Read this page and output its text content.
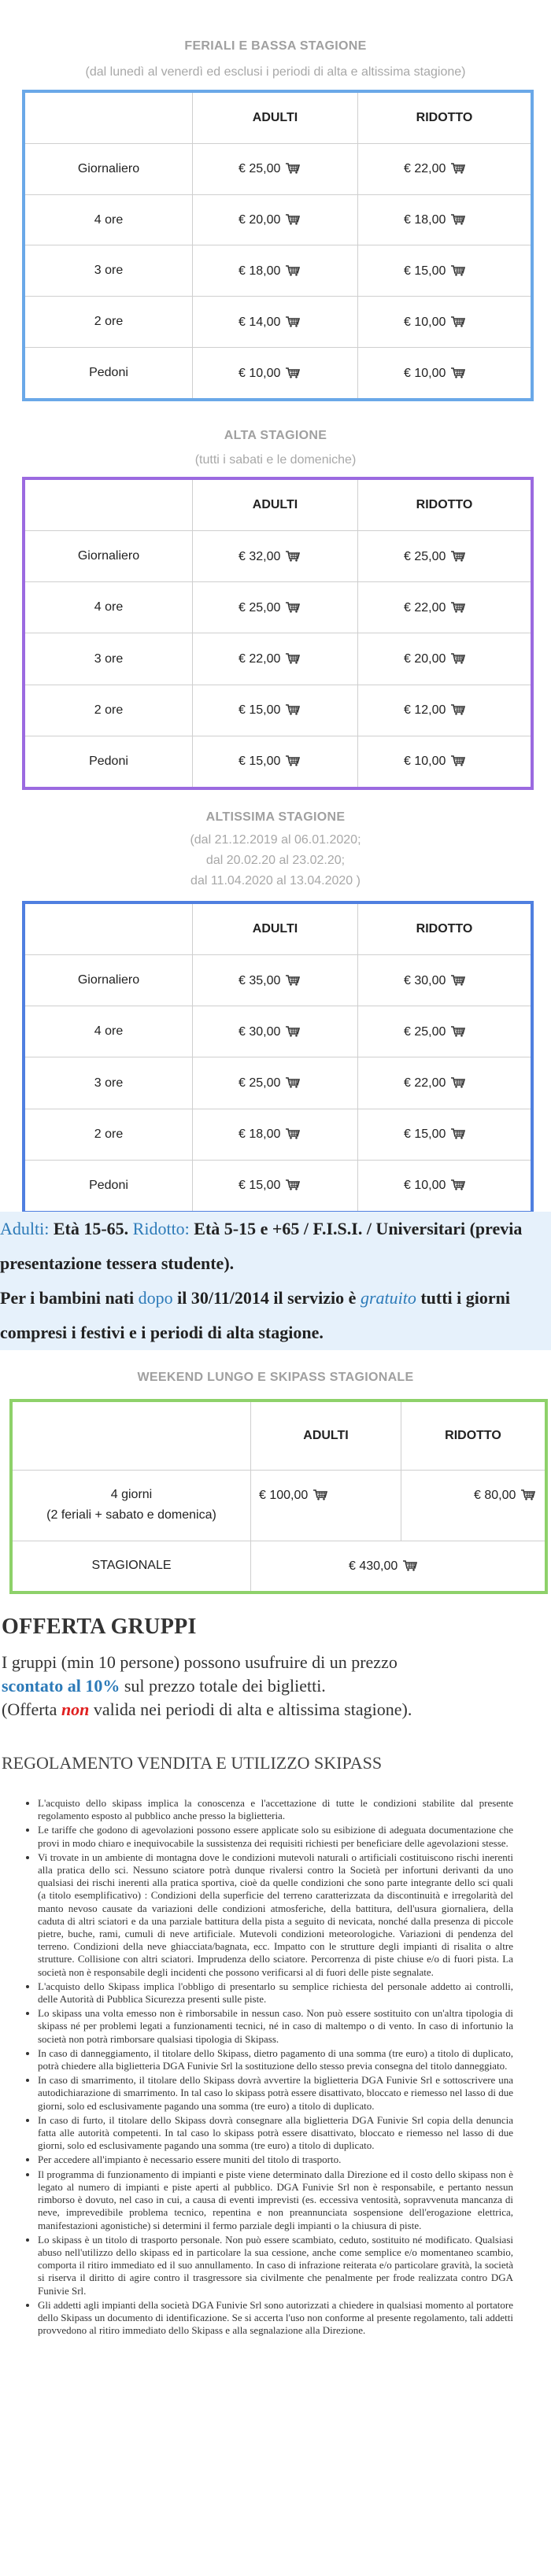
FERIALI E BASSA STAGIONE
(dal lunedì al venerdì ed esclusi i periodi di alta e altissima stagione)
	ADULTI	RIDOTTO
Giornaliero	€ 25,00	€ 22,00
4 ore	€ 20,00	€ 18,00
3 ore	€ 18,00	€ 15,00
2 ore	€ 14,00	€ 10,00
Pedoni	€ 10,00	€ 10,00
ALTA STAGIONE
(tutti i sabati e le domeniche)
	ADULTI	RIDOTTO
Giornaliero	€ 32,00	€ 25,00
4 ore	€ 25,00	€ 22,00
3 ore	€ 22,00	€ 20,00
2 ore	€ 15,00	€ 12,00
Pedoni	€ 15,00	€ 10,00
ALTISSIMA STAGIONE
(dal 21.12.2019 al 06.01.2020;
dal 20.02.20 al 23.02.20;
dal 11.04.2020 al 13.04.2020 )
	ADULTI	RIDOTTO
Giornaliero	€ 35,00	€ 30,00
4 ore	€ 30,00	€ 25,00
3 ore	€ 25,00	€ 22,00
2 ore	€ 18,00	€ 15,00
Pedoni	€ 15,00	€ 10,00
Adulti: Età 15-65. Ridotto: Età 5-15 e +65 / F.I.S.I. / Universitari (previa presentazione tessera studente).
Per i bambini nati dopo il 30/11/2014 il servizio è gratuito tutti i giorni compresi i festivi e i periodi di alta stagione.
WEEKEND LUNGO E SKIPASS STAGIONALE
	ADULTI	RIDOTTO
4 giorni
(2 feriali + sabato e domenica)	€ 100,00	€ 80,00
STAGIONALE	€ 430,00	
OFFERTA GRUPPI
I gruppi (min 10 persone) possono usufruire di un prezzo
scontato al 10% sul prezzo totale dei biglietti.
(Offerta non valida nei periodi di alta e altissima stagione).
REGOLAMENTO VENDITA E UTILIZZO SKIPASS
• L'acquisto dello skipass implica la conoscenza e l'accettazione di tutte le condizioni stabilite dal presente regolamento esposto al pubblico anche presso la biglietteria.
• Le tariffe che godono di agevolazioni possono essere applicate solo su esibizione di adeguata documentazione che provi in modo chiaro e inequivocabile la sussistenza dei requisiti richiesti per beneficiare delle agevolazioni stesse.
• Vi trovate in un ambiente di montagna dove le condizioni mutevoli naturali o artificiali costituiscono rischi inerenti alla pratica dello sci. Nessuno sciatore potrà dunque rivalersi contro la Società per infortuni derivanti da uno qualsiasi dei rischi inerenti alla pratica sportiva, cioè da quelle condizioni che sono parte integrante dello sci quali (a titolo esemplificativo) : Condizioni della superficie del terreno caratterizzata da discontinuità e irregolarità del manto nevoso causate da variazioni delle condizioni atmosferiche, della battitura, dell'usura giornaliera, della caduta di altri sciatori e da una parziale battitura della pista a seguito di nevicata, nonché dalla presenza di piccole pietre, buche, rami, cumuli di neve artificiale. Mutevoli condizioni meteorologiche. Variazioni di pendenza del terreno. Condizioni della neve ghiacciata/bagnata, ecc. Impatto con le strutture degli impianti di risalita o altre strutture. Collisione con altri sciatori. Imprudenza dello sciatore. Percorrenza di piste chiuse e/o di fuori pista. La società non è responsabile degli incidenti che possono verificarsi al di fuori delle piste segnalate.
• L'acquisto dello Skipass implica l'obbligo di presentarlo su semplice richiesta del personale addetto ai controlli, delle Autorità di Pubblica Sicurezza presenti sulle piste.
• Lo skipass una volta emesso non è rimborsabile in nessun caso. Non può essere sostituito con un'altra tipologia di skipass né per problemi legati a funzionamenti tecnici, né in caso di maltempo o di vento. In caso di infortunio la società non potrà rimborsare qualsiasi tipologia di Skipass.
• In caso di danneggiamento, il titolare dello Skipass, dietro pagamento di una somma (tre euro) a titolo di duplicato, potrà chiedere alla biglietteria DGA Funivie Srl la sostituzione dello stesso previa consegna del titolo danneggiato.
• In caso di smarrimento, il titolare dello Skipass dovrà avvertire la biglietteria DGA Funivie Srl e sottoscrivere una autodichiarazione di smarrimento. In tal caso lo skipass potrà essere disattivato, bloccato e riemesso nel lasso di due giorni, solo ed esclusivamente pagando una somma (tre euro) a titolo di duplicato.
• In caso di furto, il titolare dello Skipass dovrà consegnare alla biglietteria DGA Funivie Srl copia della denuncia fatta alle autorità competenti. In tal caso lo skipass potrà essere disattivato, bloccato e riemesso nel lasso di due giorni, solo ed esclusivamente pagando una somma (tre euro) a titolo di duplicato.
• Per accedere all'impianto è necessario essere muniti del titolo di trasporto.
• Il programma di funzionamento di impianti e piste viene determinato dalla Direzione ed il costo dello skipass non è legato al numero di impianti e piste aperti al pubblico. DGA Funivie Srl non è responsabile, e pertanto nessun rimborso è dovuto, nel caso in cui, a causa di eventi imprevisti (es. eccessiva ventosità, sopravvenuta mancanza di neve, imprevedibile problema tecnico, repentina e non preannunciata sospensione dell'erogazione elettrica, manifestazioni agonistiche) si determini il fermo parziale degli impianti o la chiusura di piste.
• Lo skipass è un titolo di trasporto personale. Non può essere scambiato, ceduto, sostituito né modificato. Qualsiasi abuso nell'utilizzo dello skipass ed in particolare la sua cessione, anche come semplice e/o momentaneo scambio, comporta il ritiro immediato ed il suo annullamento. In caso di infrazione reiterata e/o particolare gravità, la società si riserva il diritto di agire contro il trasgressore sia civilmente che penalmente per frode realizzata contro DGA Funivie Srl.
• Gli addetti agli impianti della società DGA Funivie Srl sono autorizzati a chiedere in qualsiasi momento al portatore dello Skipass un documento di identificazione. Se si accerta l'uso non conforme al presente regolamento, tali addetti provvedono al ritiro immediato dello Skipass e alla segnalazione alla Direzione.
